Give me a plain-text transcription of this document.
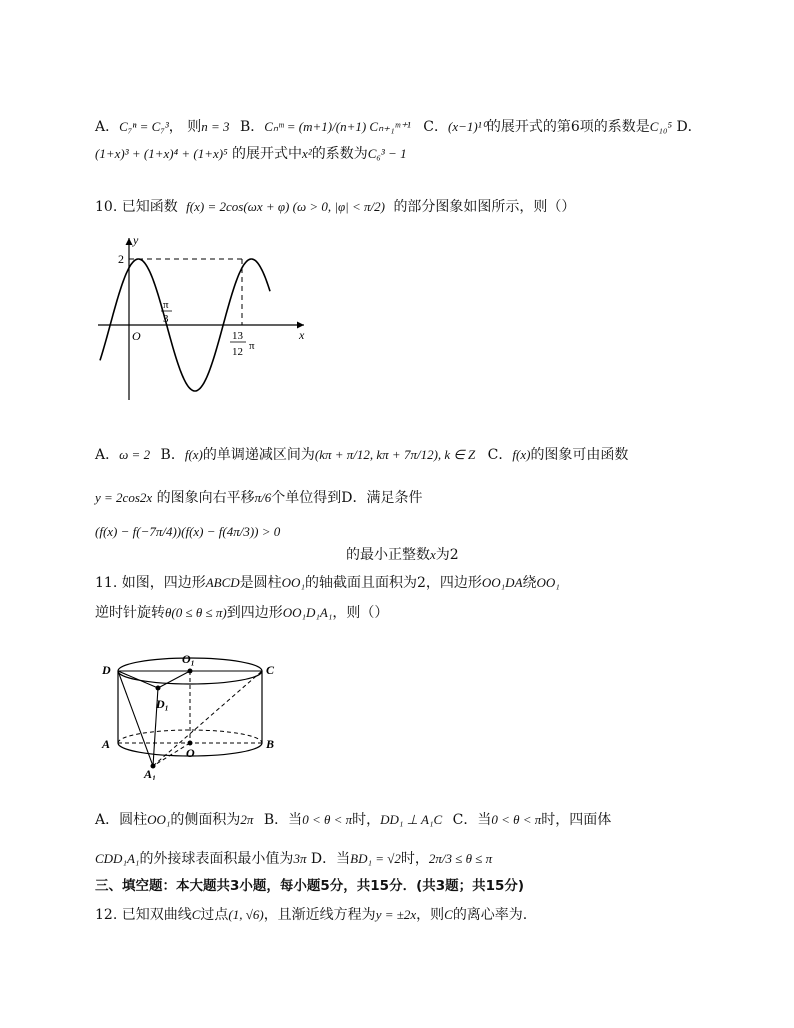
A．C₇ⁿ = C₇³， 则n = 3 B．Cₙᵐ = (m+1)/(n+1) Cₙ₊₁ᵐ⁺¹ C．(x−1)¹⁰的展开式的第6项的系数是C₁₀⁵ D．
(1+x)³ + (1+x)⁴ + (1+x)⁵ 的展开式中x²的系数为C₆³ − 1
10. 已知函数 f(x) = 2cos(ωx + φ) (ω > 0, |φ| < π/2) 的部分图象如图所示，则（）
y
x
O
2
π
3
13
12 π
A．ω = 2 B．f(x)的单调递减区间为(kπ + π/12, kπ + 7π/12), k ∈ Z C．f(x)的图象可由函数
y = 2cos2x 的图象向右平移π/6个单位得到D．满足条件
(f(x) − f(−7π/4))(f(x) − f(4π/3)) > 0
的最小正整数x为2
11. 如图，四边形ABCD是圆柱OO₁的轴截面且面积为2，四边形OO₁DA绕OO₁
逆时针旋转θ(0 ≤ θ ≤ π)到四边形OO₁D₁A₁，则（）
D
O₁
C
D₁
A
O
B
A₁
A．圆柱OO₁的侧面积为2π B．当0 < θ < π时，DD₁ ⊥ A₁C C．当0 < θ < π时，四面体
CDD₁A₁的外接球表面积最小值为3π D．当BD₁ = √2时，2π/3 ≤ θ ≤ π
三、填空题：本大题共3小题，每小题5分，共15分．(共3题；共15分)
12. 已知双曲线C过点(1, √6)，且渐近线方程为y = ±2x，则C的离心率为.
